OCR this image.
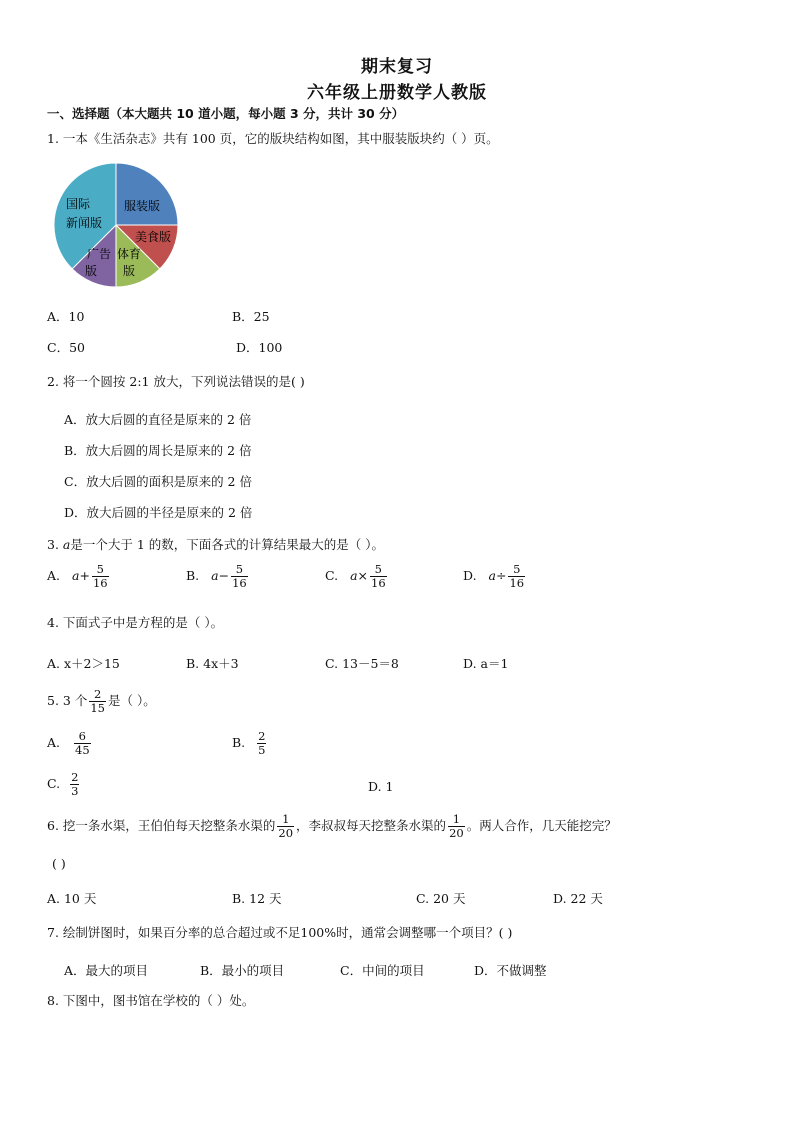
期末复习
六年级上册数学人教版
一、选择题（本大题共 10 道小题，每小题 3 分，共计 30 分）
1. 一本《生活杂志》共有 100 页，它的版块结构如图，其中服装版块约（ ）页。
服装版
美食版
体育
版
广告
版
国际
新闻版
A．10	B．25
C．50	D．100
2. 将一个圆按 2:1 放大，下列说法错误的是( )
A．放大后圆的直径是原来的 2 倍
B．放大后圆的周长是原来的 2 倍
C．放大后圆的面积是原来的 2 倍
D．放大后圆的半径是原来的 2 倍
3. a是一个大于 1 的数，下面各式的计算结果最大的是（ ）。
A. $a+ \frac{5}{16}$	B. $a- \frac{5}{16}$	C. $a\times \frac{5}{16}$	D. $a\div \frac{5}{16}$
4. 下面式子中是方程的是（ ）。
A. x＋2＞15	B. 4x＋3	C. 13－5＝8	D. a＝1
5. 3 个 $\frac{2}{15}$ 是（ ）。
A. $\frac{6}{45}$	B. $\frac{2}{5}$
C. $\frac{2}{3}$	D. 1
6. 挖一条水渠，王伯伯每天挖整条水渠的 $\frac{1}{20}$ ，李叔叔每天挖整条水渠的 $\frac{1}{20}$ 。两人合作，几天能挖完？
( )
A. 10 天	B. 12 天	C. 20 天	D. 22 天
7. 绘制饼图时，如果百分率的总合超过或不足100%时，通常会调整哪一个项目？( )
A．最大的项目	B．最小的项目	C．中间的项目	D．不做调整
8. 下图中，图书馆在学校的（ ）处。
